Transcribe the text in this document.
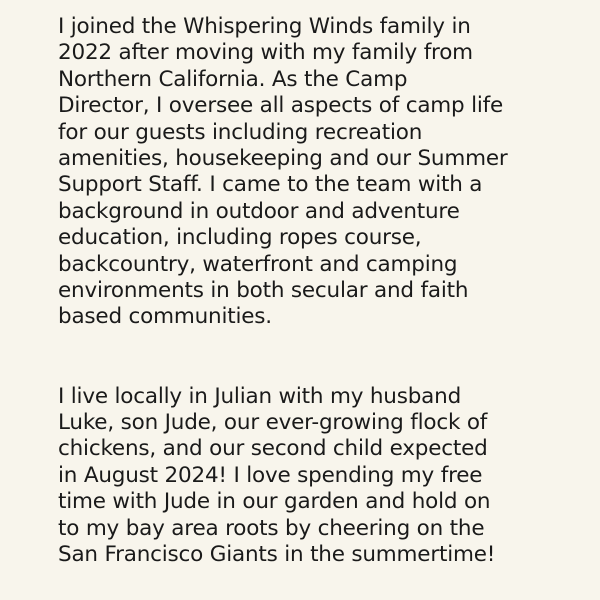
I joined the Whispering Winds family in
2022 after moving with my family from
Northern California. As the Camp
Director, I oversee all aspects of camp life
for our guests including recreation
amenities, housekeeping and our Summer
Support Staff. I came to the team with a
background in outdoor and adventure
education, including ropes course,
backcountry, waterfront and camping
environments in both secular and faith
based communities.
I live locally in Julian with my husband
Luke, son Jude, our ever-growing flock of
chickens, and our second child expected
in August 2024! I love spending my free
time with Jude in our garden and hold on
to my bay area roots by cheering on the
San Francisco Giants in the summertime!
